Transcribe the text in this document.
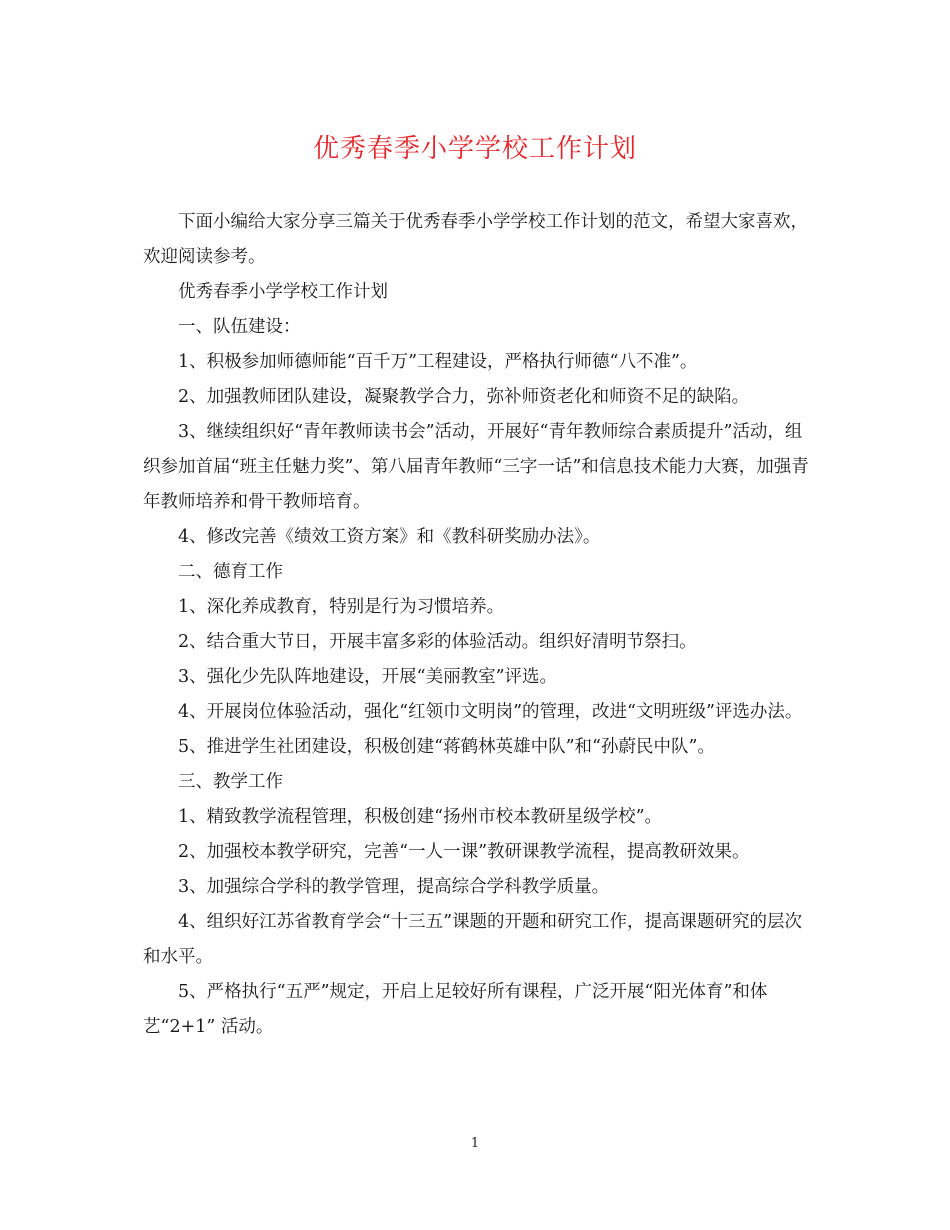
优秀春季小学学校工作计划

下面小编给大家分享三篇关于优秀春季小学学校工作计划的范文，希望大家喜欢，欢迎阅读参考。

优秀春季小学学校工作计划

一、队伍建设：

1、积极参加师德师能“百千万”工程建设，严格执行师德“八不准”。

2、加强教师团队建设，凝聚教学合力，弥补师资老化和师资不足的缺陷。

3、继续组织好“青年教师读书会”活动，开展好“青年教师综合素质提升”活动，组织参加首届“班主任魅力奖”、第八届青年教师“三字一话”和信息技术能力大赛，加强青年教师培养和骨干教师培育。

4、修改完善《绩效工资方案》和《教科研奖励办法》。

二、德育工作

1、深化养成教育，特别是行为习惯培养。

2、结合重大节日，开展丰富多彩的体验活动。组织好清明节祭扫。

3、强化少先队阵地建设，开展“美丽教室”评选。

4、开展岗位体验活动，强化“红领巾文明岗”的管理，改进“文明班级”评选办法。

5、推进学生社团建设，积极创建“蒋鹤林英雄中队”和“孙蔚民中队”。

三、教学工作

1、精致教学流程管理，积极创建“扬州市校本教研星级学校”。

2、加强校本教学研究，完善“一人一课”教研课教学流程，提高教研效果。

3、加强综合学科的教学管理，提高综合学科教学质量。

4、组织好江苏省教育学会“十三五”课题的开题和研究工作，提高课题研究的层次和水平。

5、严格执行“五严”规定，开启上足较好所有课程，广泛开展“阳光体育”和体艺“2+1” 活动。

1
